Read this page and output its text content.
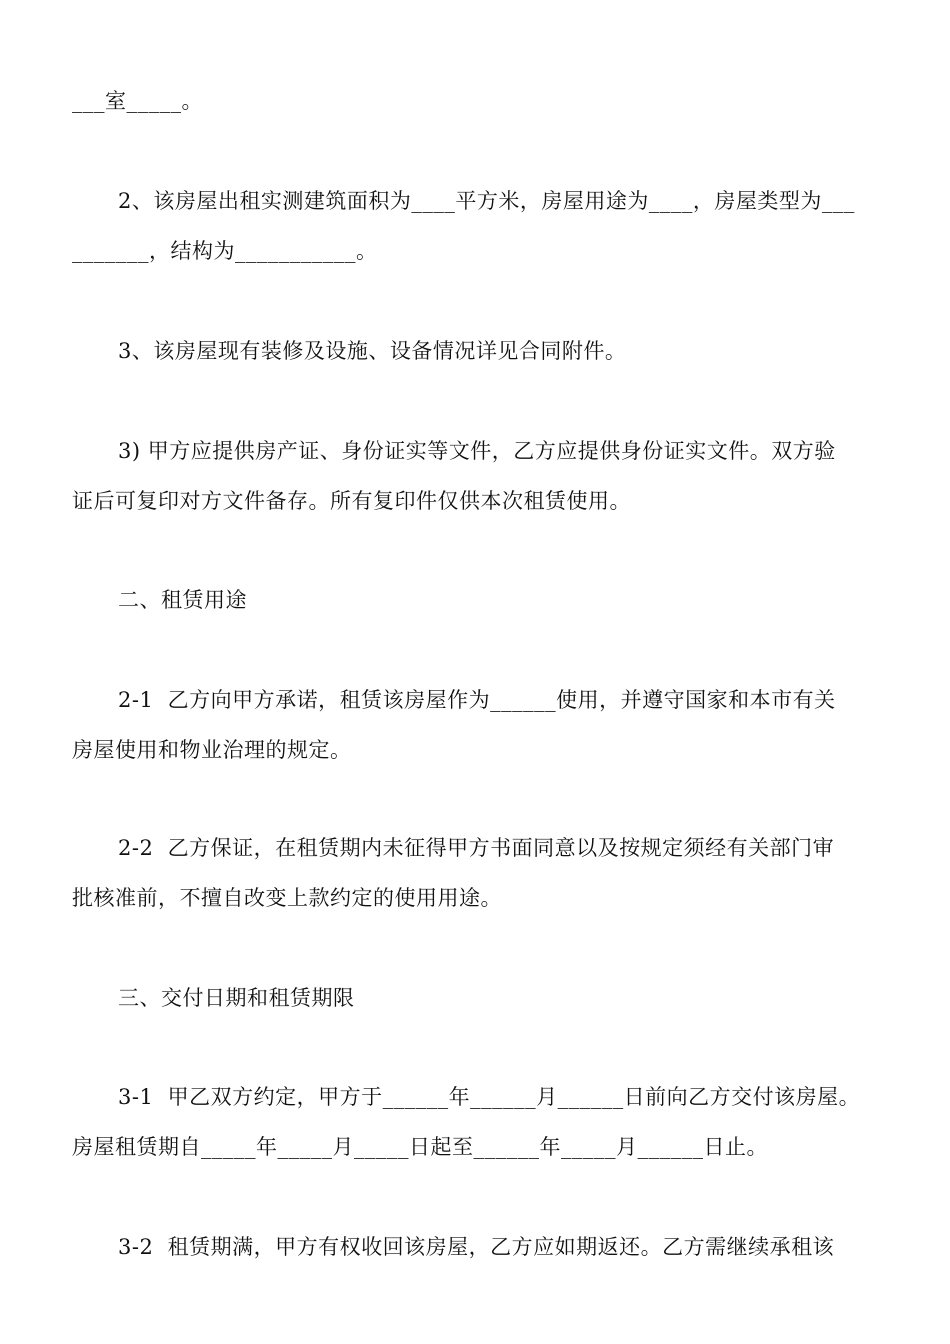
___室_____。
2、该房屋出租实测建筑面积为____平方米，房屋用途为____，房屋类型为___
_______，结构为___________。
3、该房屋现有装修及设施、设备情况详见合同附件。
3) 甲方应提供房产证、身份证实等文件，乙方应提供身份证实文件。双方验
证后可复印对方文件备存。所有复印件仅供本次租赁使用。
二、租赁用途
2-1  乙方向甲方承诺，租赁该房屋作为______使用，并遵守国家和本市有关
房屋使用和物业治理的规定。
2-2  乙方保证，在租赁期内未征得甲方书面同意以及按规定须经有关部门审
批核准前，不擅自改变上款约定的使用用途。
三、交付日期和租赁期限
3-1  甲乙双方约定，甲方于______年______月______日前向乙方交付该房屋。
房屋租赁期自_____年_____月_____日起至______年_____月______日止。
3-2  租赁期满，甲方有权收回该房屋，乙方应如期返还。乙方需继续承租该
